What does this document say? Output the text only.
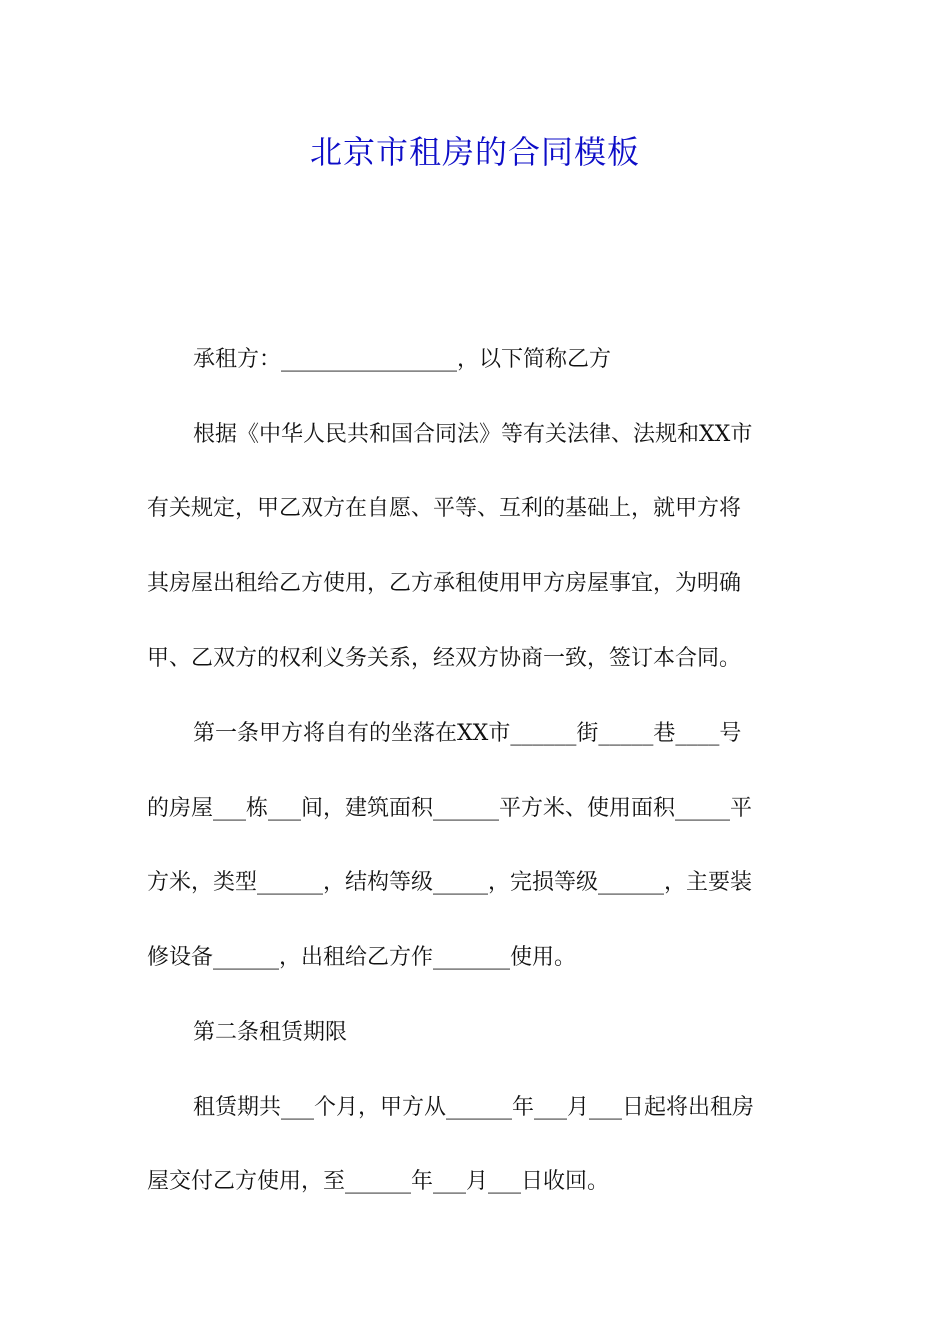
北京市租房的合同模板
承租方：________________，以下简称乙方
根据《中华人民共和国合同法》等有关法律、法规和XX市
有关规定，甲乙双方在自愿、平等、互利的基础上，就甲方将
其房屋出租给乙方使用，乙方承租使用甲方房屋事宜，为明确
甲、乙双方的权利义务关系，经双方协商一致，签订本合同。
第一条甲方将自有的坐落在XX市______街_____巷____号
的房屋___栋___间，建筑面积______平方米、使用面积_____平
方米，类型______，结构等级_____，完损等级______，主要装
修设备______，出租给乙方作_______使用。
第二条租赁期限
租赁期共___个月，甲方从______年___月___日起将出租房
屋交付乙方使用，至______年___月___日收回。
